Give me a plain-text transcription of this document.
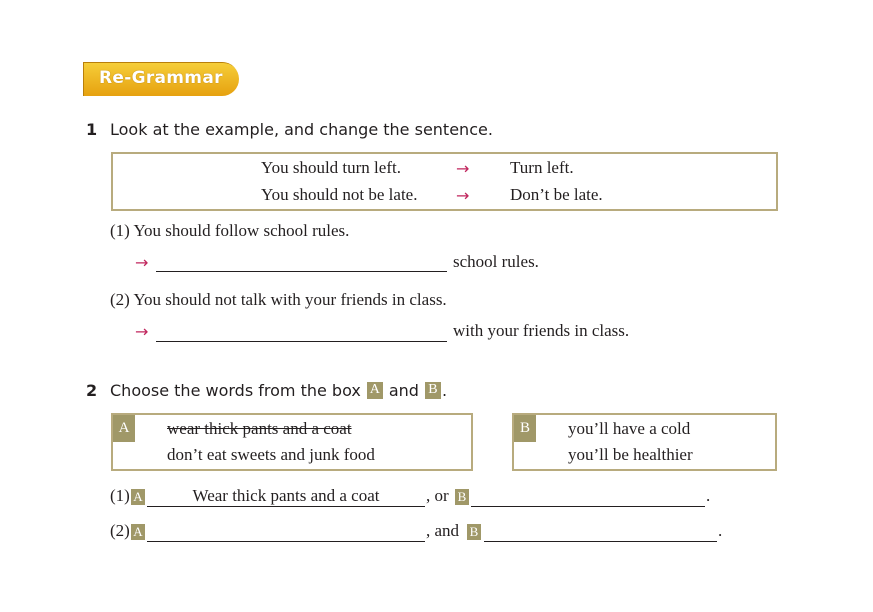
Re-Grammar
1 Look at the example, and change the sentence.
You should turn left.	→ Turn left.
You should not be late. → Don’t be late.
(1) You should follow school rules.
→	school rules.
(2) You should not talk with your friends in class.
→	with your friends in class.
2 Choose the words from the box A and B .
A	wear thick pants and a coat
don’t eat sweets and junk food
B	you’ll have a cold
you’ll be healthier
(1) A	Wear thick pants and a coat	, or B	.
(2) A	, and B	.
